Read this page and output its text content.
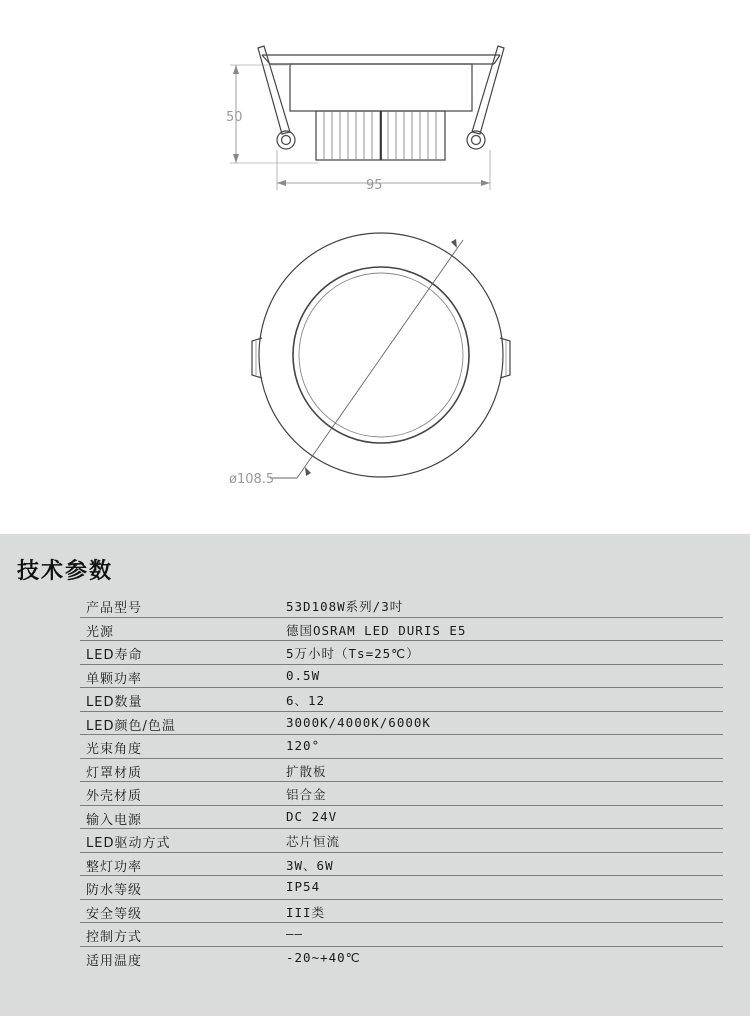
50
95
ø108.5
技术参数
产品型号	53D108W系列/3吋
光源	德国OSRAM LED DURIS E5
LED寿命	5万小时（Ts=25℃）
单颗功率	0.5W
LED数量	6、12
LED颜色/色温	3000K/4000K/6000K
光束角度	120°
灯罩材质	扩散板
外壳材质	铝合金
输入电源	DC 24V
LED驱动方式	芯片恒流
整灯功率	3W、6W
防水等级	IP54
安全等级	III类
控制方式	——
适用温度	-20~+40℃
